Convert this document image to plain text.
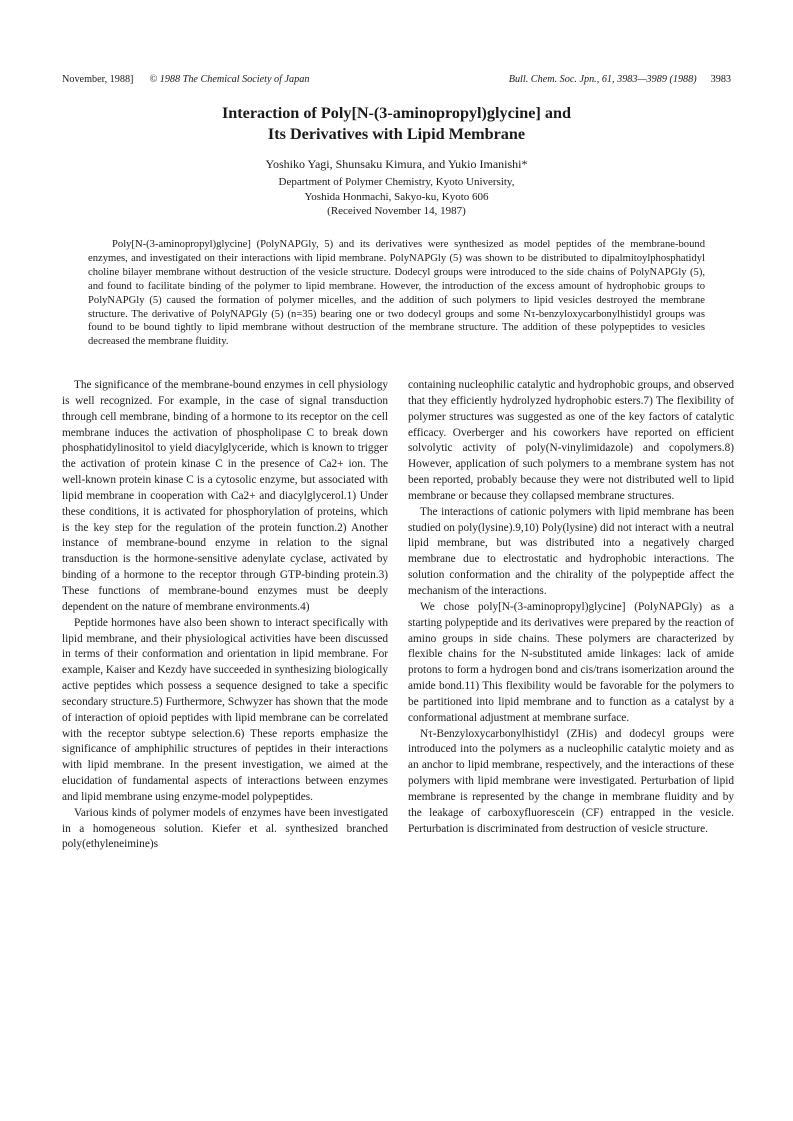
November, 1988] © 1988 The Chemical Society of Japan	Bull. Chem. Soc. Jpn., 61, 3983—3989 (1988) 3983
Interaction of Poly[N-(3-aminopropyl)glycine] and
Its Derivatives with Lipid Membrane
Yoshiko Yagi, Shunsaku Kimura, and Yukio Imanishi*
Department of Polymer Chemistry, Kyoto University,
Yoshida Honmachi, Sakyo-ku, Kyoto 606
(Received November 14, 1987)

Poly[N-(3-aminopropyl)glycine] (PolyNAPGly, 5) and its derivatives were synthesized as model peptides of the membrane-bound enzymes, and investigated on their interactions with lipid membrane. PolyNAPGly (5) was shown to be distributed to dipalmitoylphosphatidyl choline bilayer membrane without destruction of the vesicle structure. Dodecyl groups were introduced to the side chains of PolyNAPGly (5), and found to facilitate binding of the polymer to lipid membrane. However, the introduction of the excess amount of hydrophobic groups to PolyNAPGly (5) caused the formation of polymer micelles, and the addition of such polymers to lipid vesicles destroyed the membrane structure. The derivative of PolyNAPGly (5) (n=35) bearing one or two dodecyl groups and some Nτ-benzyloxycarbonylhistidyl groups was found to be bound tightly to lipid membrane without destruction of the membrane structure. The addition of these polypeptides to vesicles decreased the membrane fluidity.

The significance of the membrane-bound enzymes in cell physiology is well recognized. For example, in the case of signal transduction through cell membrane, binding of a hormone to its receptor on the cell membrane induces the activation of phospholipase C to break down phosphatidylinositol to yield diacylglyceride, which is known to trigger the activation of protein kinase C in the presence of Ca2+ ion. The well-known protein kinase C is a cytosolic enzyme, but associated with lipid membrane in cooperation with Ca2+ and diacylglycerol.1) Under these conditions, it is activated for phosphorylation of proteins, which is the key step for the regulation of the protein function.2) Another instance of membrane-bound enzyme in relation to the signal transduction is the hormone-sensitive adenylate cyclase, activated by binding of a hormone to the receptor through GTP-binding protein.3) These functions of membrane-bound enzymes must be deeply dependent on the nature of membrane environments.4)

Peptide hormones have also been shown to interact specifically with lipid membrane, and their physiological activities have been discussed in terms of their conformation and orientation in lipid membrane. For example, Kaiser and Kezdy have succeeded in synthesizing biologically active peptides which possess a sequence designed to take a specific secondary structure.5) Furthermore, Schwyzer has shown that the mode of interaction of opioid peptides with lipid membrane can be correlated with the receptor subtype selection.6) These reports emphasize the significance of amphiphilic structures of peptides in their interactions with lipid membrane. In the present investigation, we aimed at the elucidation of fundamental aspects of interactions between enzymes and lipid membrane using enzyme-model polypeptides.

Various kinds of polymer models of enzymes have been investigated in a homogeneous solution. Kiefer et al. synthesized branched poly(ethyleneimine)s

containing nucleophilic catalytic and hydrophobic groups, and observed that they efficiently hydrolyzed hydrophobic esters.7) The flexibility of polymer structures was suggested as one of the key factors of catalytic efficacy. Overberger and his coworkers have reported on efficient solvolytic activity of poly(N-vinylimidazole) and copolymers.8) However, application of such polymers to a membrane system has not been reported, probably because they were not distributed well to lipid membrane or because they collapsed membrane structures.

The interactions of cationic polymers with lipid membrane has been studied on poly(lysine).9,10) Poly(lysine) did not interact with a neutral lipid membrane, but was distributed into a negatively charged membrane due to electrostatic and hydrophobic interactions. The solution conformation and the chirality of the polypeptide affect the mechanism of the interactions.

We chose poly[N-(3-aminopropyl)glycine] (PolyNAPGly) as a starting polypeptide and its derivatives were prepared by the reaction of amino groups in side chains. These polymers are characterized by flexible chains for the N-substituted amide linkages: lack of amide protons to form a hydrogen bond and cis/trans isomerization around the amide bond.11) This flexibility would be favorable for the polymers to be partitioned into lipid membrane and to function as a catalyst by a conformational adjustment at membrane surface.

Nτ-Benzyloxycarbonylhistidyl (ZHis) and dodecyl groups were introduced into the polymers as a nucleophilic catalytic moiety and as an anchor to lipid membrane, respectively, and the interactions of these polymers with lipid membrane were investigated. Perturbation of lipid membrane is represented by the change in membrane fluidity and by the leakage of carboxyfluorescein (CF) entrapped in the vesicle. Perturbation is discriminated from destruction of vesicle structure.
